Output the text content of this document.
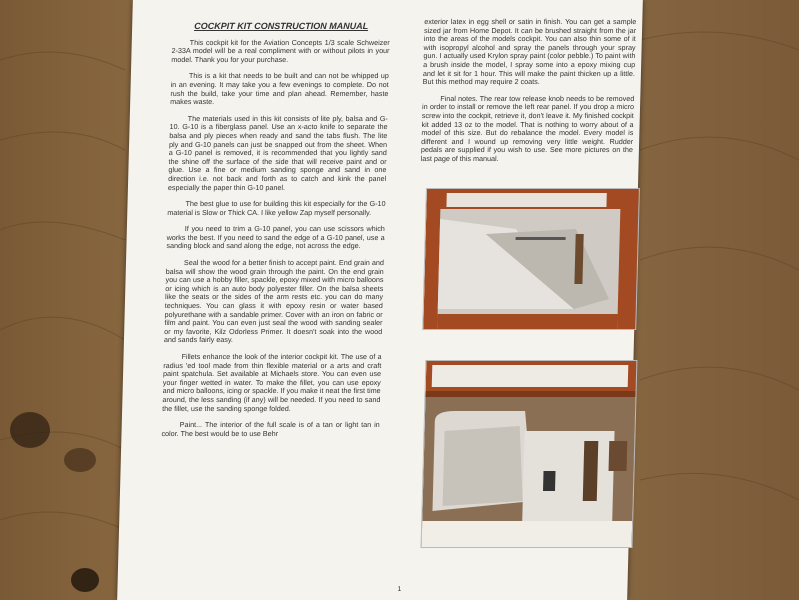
COCKPIT KIT CONSTRUCTION MANUAL

This cockpit kit for the Aviation Concepts 1/3 scale Schweizer 2-33A model will be a real compliment with or without pilots in your model. Thank you for your purchase.

This is a kit that needs to be built and can not be whipped up in an evening. It may take you a few evenings to complete. Do not rush the build, take your time and plan ahead. Remember, haste makes waste.

The materials used in this kit consists of lite ply, balsa and G-10. G-10 is a fiberglass panel. Use an x-acto knife to separate the balsa and ply pieces when ready and sand the tabs flush. The lite ply and G-10 panels can just be snapped out from the sheet. When a G-10 panel is removed, it is recommended that you lightly sand the shine off the surface of the side that will receive paint and or glue. Use a fine or medium sanding sponge and sand in one direction i.e. not back and forth as to catch and kink the panel especially the paper thin G-10 panel.

The best glue to use for building this kit especially for the G-10 material is Slow or Thick CA. I like yellow Zap myself personally.

If you need to trim a G-10 panel, you can use scissors which works the best. If you need to sand the edge of a G-10 panel, use a sanding block and sand along the edge, not across the edge.

Seal the wood for a better finish to accept paint. End grain and balsa will show the wood grain through the paint. On the end grain you can use a hobby filler, spackle, epoxy mixed with micro balloons or icing which is an auto body polyester filler. On the balsa sheets like the seats or the sides of the arm rests etc. you can do many techniques. You can glass it with epoxy resin or water based polyurethane with a sandable primer. Cover with an iron on fabric or film and paint. You can even just seal the wood with sanding sealer or my favorite, Kilz Odorless Primer. It doesn't soak into the wood and sands fairly easy.

Fillets enhance the look of the interior cockpit kit. The use of a radius 'ed tool made from thin flexible material or a arts and craft paint spatchula. Set available at Michaels store. You can even use your finger wetted in water. To make the fillet, you can use epoxy and micro balloons, icing or spackle. If you make it neat the first time around, the less sanding (if any) will be needed. If you need to sand the fillet, use the sanding sponge folded.

Paint... The interior of the full scale is of a tan or light tan in color. The best would be to use Behr

exterior latex in egg shell or satin in finish. You can get a sample sized jar from Home Depot. It can be brushed straight from the jar into the areas of the models cockpit. You can also thin some of it with isopropyl alcohol and spray the panels through your spray gun. I actually used Krylon spray paint (color pebble.) To paint with a brush inside the model, I spray some into a epoxy mixing cup and let it sit for 1 hour. This will make the paint thicken up a little. But this method may require 2 coats.

Final notes. The rear tow release knob needs to be removed in order to install or remove the left rear panel. If you drop a micro screw into the cockpit, retrieve it, don't leave it. My finished cockpit kit added 13 oz to the model. That is nothing to worry about of a model of this size. But do rebalance the model. Every model is different and I wound up removing very little weight. Rudder pedals are supplied if you wish to use. See more pictures on the last page of this manual.

1
